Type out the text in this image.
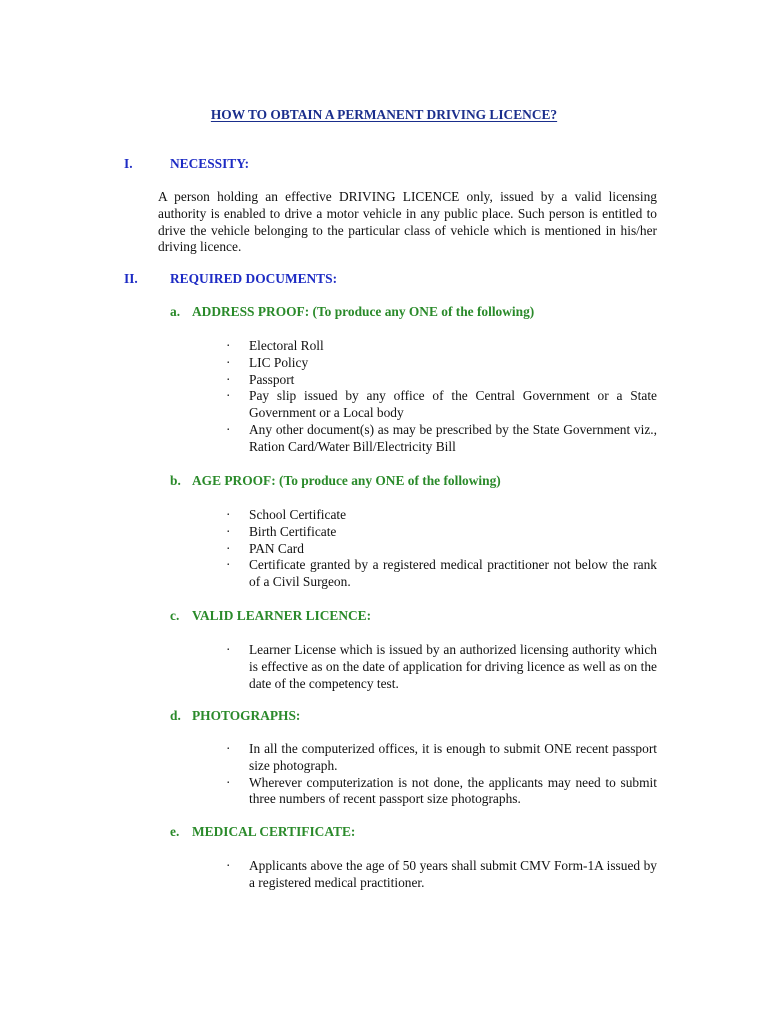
HOW TO OBTAIN A PERMANENT DRIVING LICENCE?
I.	NECESSITY:
A person holding an effective DRIVING LICENCE only, issued by a valid licensing authority is enabled to drive a motor vehicle in any public place. Such person is entitled to drive the vehicle belonging to the particular class of vehicle which is mentioned in his/her driving licence.
II. REQUIRED DOCUMENTS:
a. ADDRESS PROOF: (To produce any ONE of the following)
·	Electoral Roll
·	LIC Policy
·	Passport
·	Pay slip issued by any office of the Central Government or a State Government or a Local body
·	Any other document(s) as may be prescribed by the State Government viz., Ration Card/Water Bill/Electricity Bill
b. AGE PROOF: (To produce any ONE of the following)
·	School Certificate
·	Birth Certificate
·	PAN Card
·	Certificate granted by a registered medical practitioner not below the rank of a Civil Surgeon.
c. VALID LEARNER LICENCE:
·	Learner License which is issued by an authorized licensing authority which is effective as on the date of application for driving licence as well as on the date of the competency test.
d. PHOTOGRAPHS:
·	In all the computerized offices, it is enough to submit ONE recent passport size photograph.
·	Wherever computerization is not done, the applicants may need to submit three numbers of recent passport size photographs.
e. MEDICAL CERTIFICATE:
·	Applicants above the age of 50 years shall submit CMV Form-1A issued by a registered medical practitioner.
